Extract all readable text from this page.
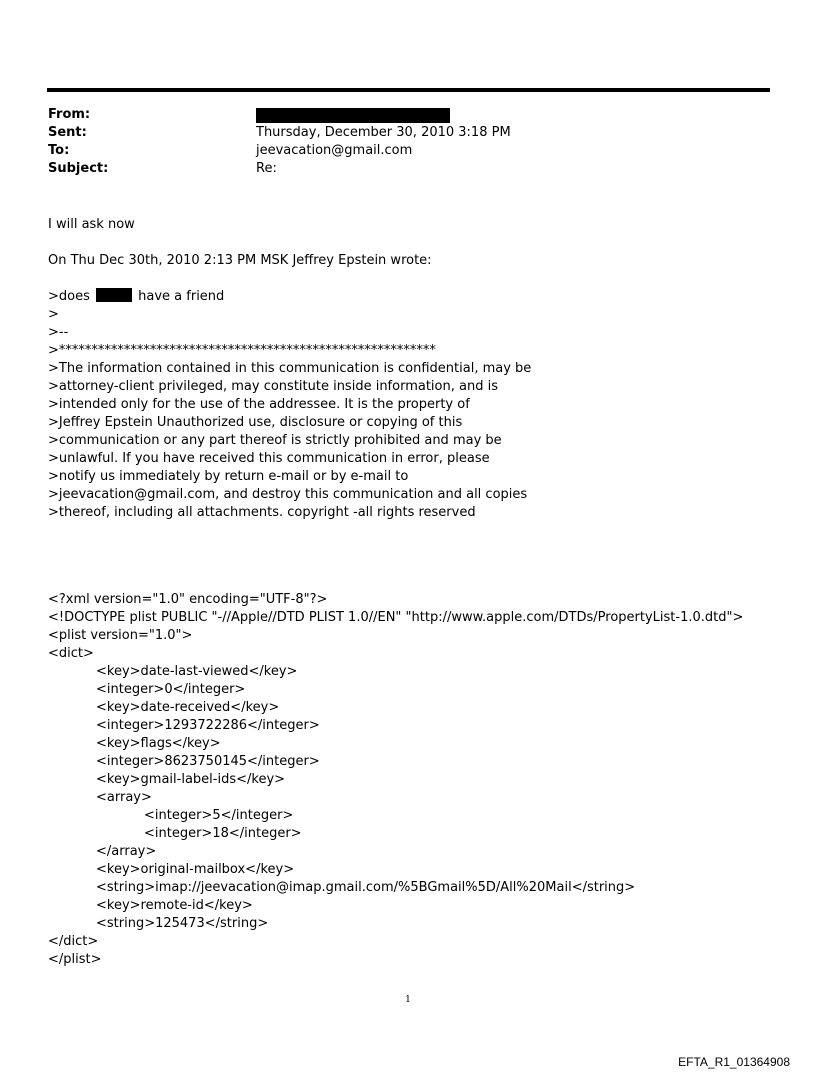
From:
Sent:	Thursday, December 30, 2010 3:18 PM
To:	jeevacation@gmail.com
Subject:	Re:
I will ask now
On Thu Dec 30th, 2010 2:13 PM MSK Jeffrey Epstein wrote:
>does	have a friend
>
>--
>**********************************************************
>The information contained in this communication is confidential, may be
>attorney-client privileged, may constitute inside information, and is
>intended only for the use of the addressee. It is the property of
>Jeffrey Epstein Unauthorized use, disclosure or copying of this
>communication or any part thereof is strictly prohibited and may be
>unlawful. If you have received this communication in error, please
>notify us immediately by return e-mail or by e-mail to
>jeevacation@gmail.com, and destroy this communication and all copies
>thereof, including all attachments. copyright -all rights reserved
<?xml version="1.0" encoding="UTF-8"?>
<!DOCTYPE plist PUBLIC "-//Apple//DTD PLIST 1.0//EN" "http://www.apple.com/DTDs/PropertyList-1.0.dtd">
<plist version="1.0">
<dict>
<key>date-last-viewed</key>
<integer>0</integer>
<key>date-received</key>
<integer>1293722286</integer>
<key>flags</key>
<integer>8623750145</integer>
<key>gmail-label-ids</key>
<array>
<integer>5</integer>
<integer>18</integer>
</array>
<key>original-mailbox</key>
<string>imap://jeevacation@imap.gmail.com/%5BGmail%5D/All%20Mail</string>
<key>remote-id</key>
<string>125473</string>
</dict>
</plist>
1
EFTA_R1_01364908
